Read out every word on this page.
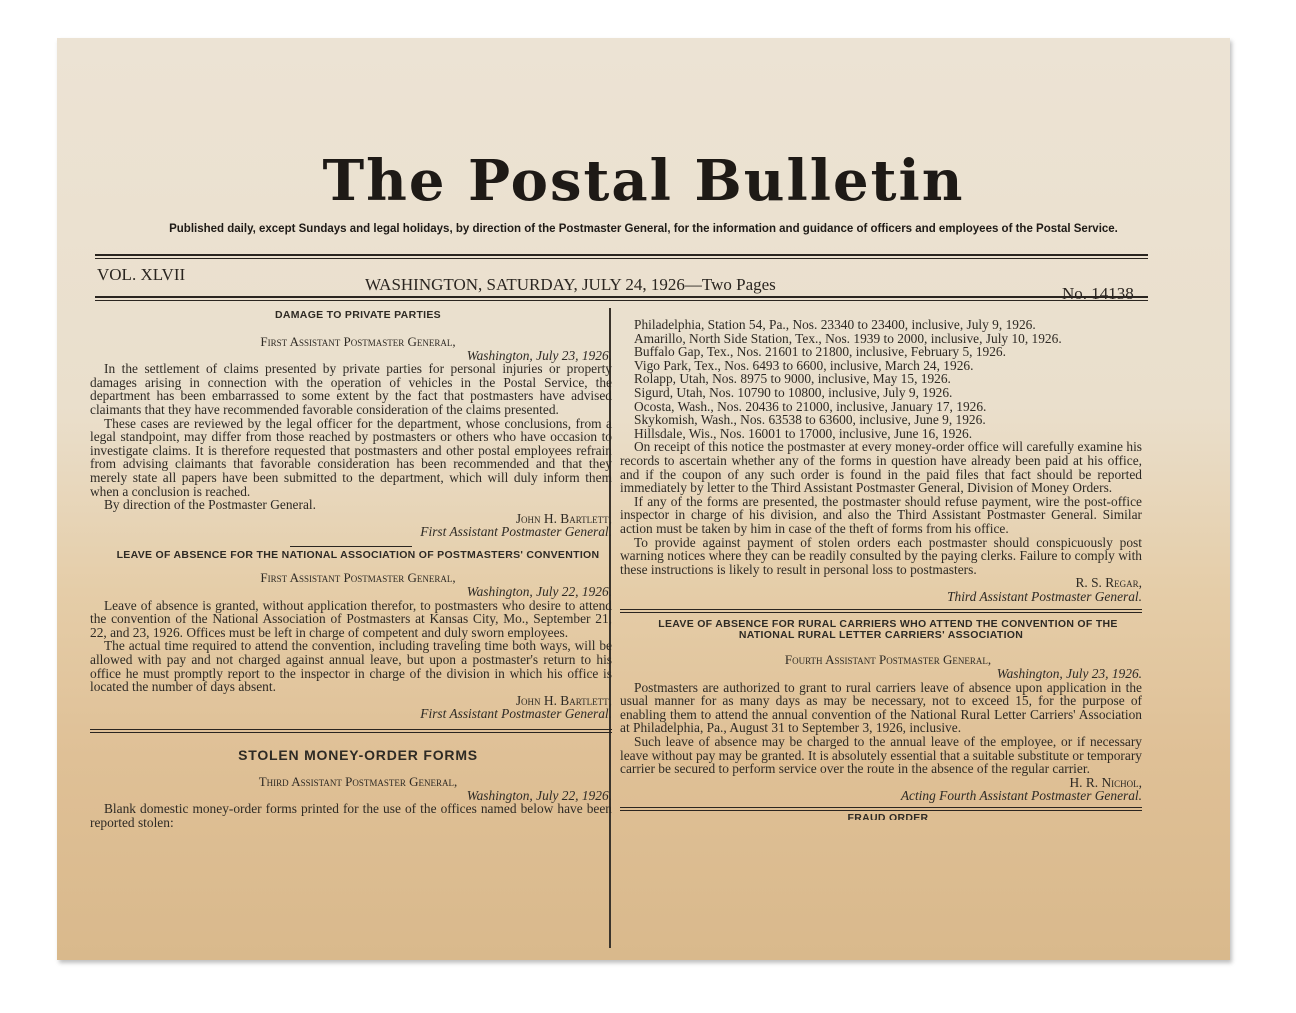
The Postal Bulletin
Published daily, except Sundays and legal holidays, by direction of the Postmaster General, for the information and guidance of officers and employees of the Postal Service.
VOL. XLVII
WASHINGTON, SATURDAY, JULY 24, 1926—Two Pages	No. 14138

DAMAGE TO PRIVATE PARTIES

First Assistant Postmaster General,

Washington, July 23, 1926.

In the settlement of claims presented by private parties for personal injuries or property damages arising in connection with the operation of vehicles in the Postal Service, the department has been embarrassed to some extent by the fact that postmasters have advised claimants that they have recommended favorable consideration of the claims presented.

These cases are reviewed by the legal officer for the department, whose conclusions, from a legal standpoint, may differ from those reached by postmasters or others who have occasion to investigate claims. It is therefore requested that postmasters and other postal employees refrain from advising claimants that favorable consideration has been recommended and that they merely state all papers have been submitted to the department, which will duly inform them when a conclusion is reached.

By direction of the Postmaster General.

John H. Bartlett,

First Assistant Postmaster General.

LEAVE OF ABSENCE FOR THE NATIONAL ASSOCIATION OF POSTMASTERS' CONVENTION

First Assistant Postmaster General,

Washington, July 22, 1926.

Leave of absence is granted, without application therefor, to postmasters who desire to attend the convention of the National Association of Postmasters at Kansas City, Mo., September 21, 22, and 23, 1926. Offices must be left in charge of competent and duly sworn employees.

The actual time required to attend the convention, including traveling time both ways, will be allowed with pay and not charged against annual leave, but upon a postmaster's return to his office he must promptly report to the inspector in charge of the division in which his office is located the number of days absent.

John H. Bartlett,

First Assistant Postmaster General.

STOLEN MONEY-ORDER FORMS

Third Assistant Postmaster General,

Washington, July 22, 1926.

Blank domestic money-order forms printed for the use of the offices named below have been reported stolen:

Philadelphia, Station 54, Pa., Nos. 23340 to 23400, inclusive, July 9, 1926.

Amarillo, North Side Station, Tex., Nos. 1939 to 2000, inclusive, July 10, 1926.

Buffalo Gap, Tex., Nos. 21601 to 21800, inclusive, February 5, 1926.

Vigo Park, Tex., Nos. 6493 to 6600, inclusive, March 24, 1926.

Rolapp, Utah, Nos. 8975 to 9000, inclusive, May 15, 1926.

Sigurd, Utah, Nos. 10790 to 10800, inclusive, July 9, 1926.

Ocosta, Wash., Nos. 20436 to 21000, inclusive, January 17, 1926.

Skykomish, Wash., Nos. 63538 to 63600, inclusive, June 9, 1926.

Hillsdale, Wis., Nos. 16001 to 17000, inclusive, June 16, 1926.

On receipt of this notice the postmaster at every money-order office will carefully examine his records to ascertain whether any of the forms in question have already been paid at his office, and if the coupon of any such order is found in the paid files that fact should be reported immediately by letter to the Third Assistant Postmaster General, Division of Money Orders.

If any of the forms are presented, the postmaster should refuse payment, wire the post-office inspector in charge of his division, and also the Third Assistant Postmaster General. Similar action must be taken by him in case of the theft of forms from his office.

To provide against payment of stolen orders each postmaster should conspicuously post warning notices where they can be readily consulted by the paying clerks. Failure to comply with these instructions is likely to result in personal loss to postmasters.

R. S. Regar,

Third Assistant Postmaster General.

LEAVE OF ABSENCE FOR RURAL CARRIERS WHO ATTEND THE CONVENTION OF THE NATIONAL RURAL LETTER CARRIERS' ASSOCIATION

Fourth Assistant Postmaster General,

Washington, July 23, 1926.

Postmasters are authorized to grant to rural carriers leave of absence upon application in the usual manner for as many days as may be necessary, not to exceed 15, for the purpose of enabling them to attend the annual convention of the National Rural Letter Carriers' Association at Philadelphia, Pa., August 31 to September 3, 1926, inclusive.

Such leave of absence may be charged to the annual leave of the employee, or if necessary leave without pay may be granted. It is absolutely essential that a suitable substitute or temporary carrier be secured to perform service over the route in the absence of the regular carrier.

H. R. Nichol,

Acting Fourth Assistant Postmaster General.

FRAUD ORDER
